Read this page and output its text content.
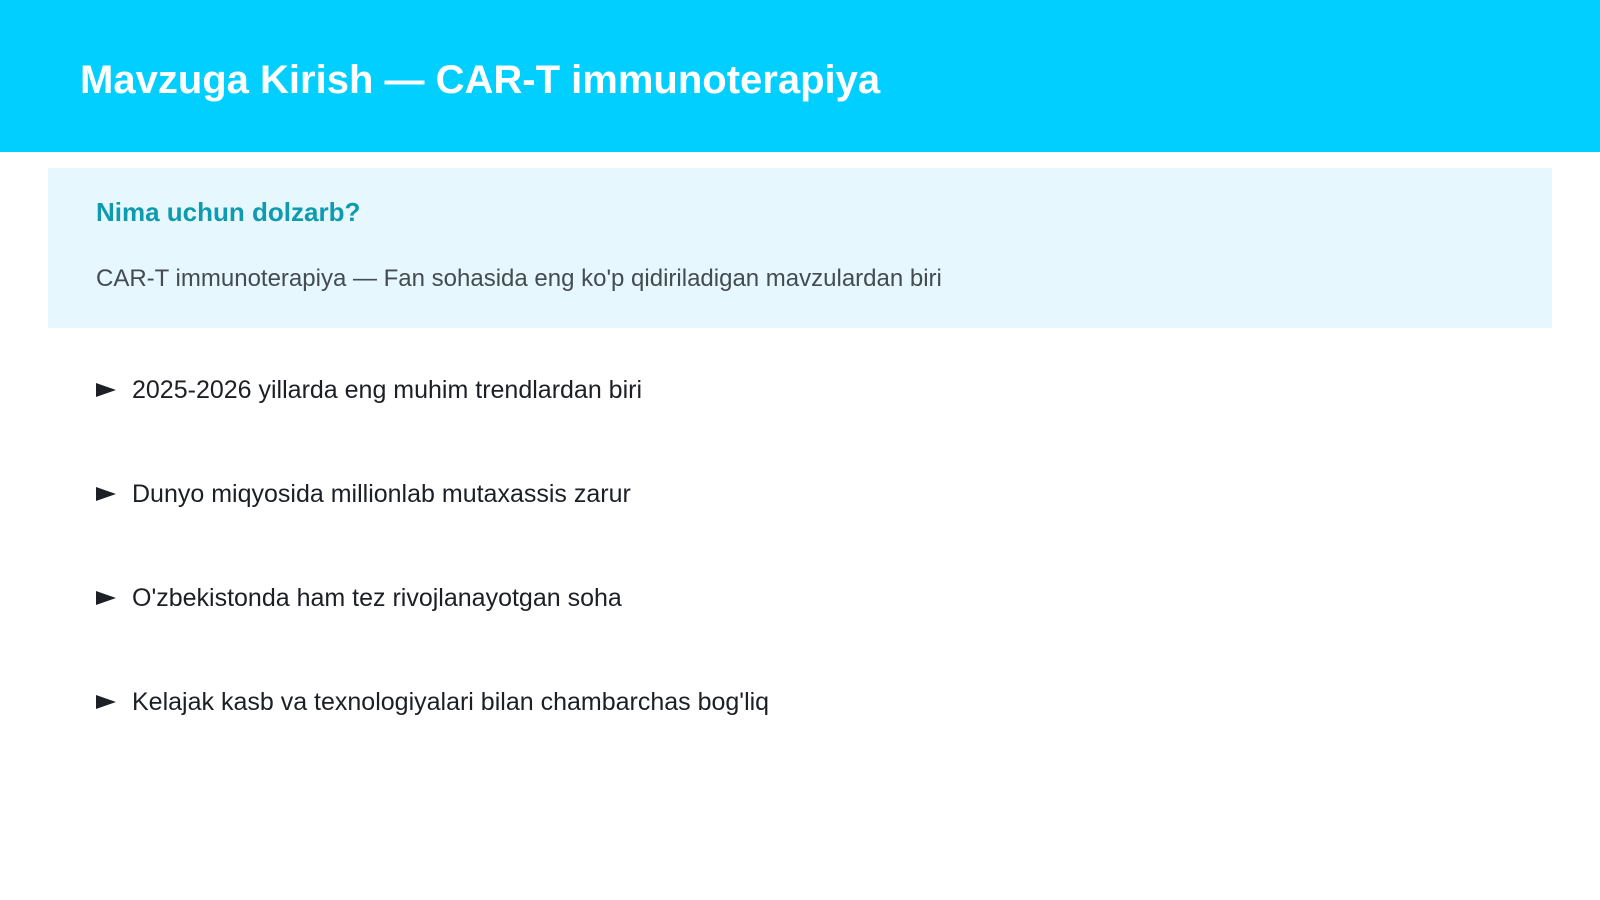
Mavzuga Kirish — CAR-T immunoterapiya
Nima uchun dolzarb?

CAR-T immunoterapiya — Fan sohasida eng ko'p qidiriladigan mavzulardan biri

2025-2026 yillarda eng muhim trendlardan biri
Dunyo miqyosida millionlab mutaxassis zarur
O'zbekistonda ham tez rivojlanayotgan soha
Kelajak kasb va texnologiyalari bilan chambarchas bog'liq
